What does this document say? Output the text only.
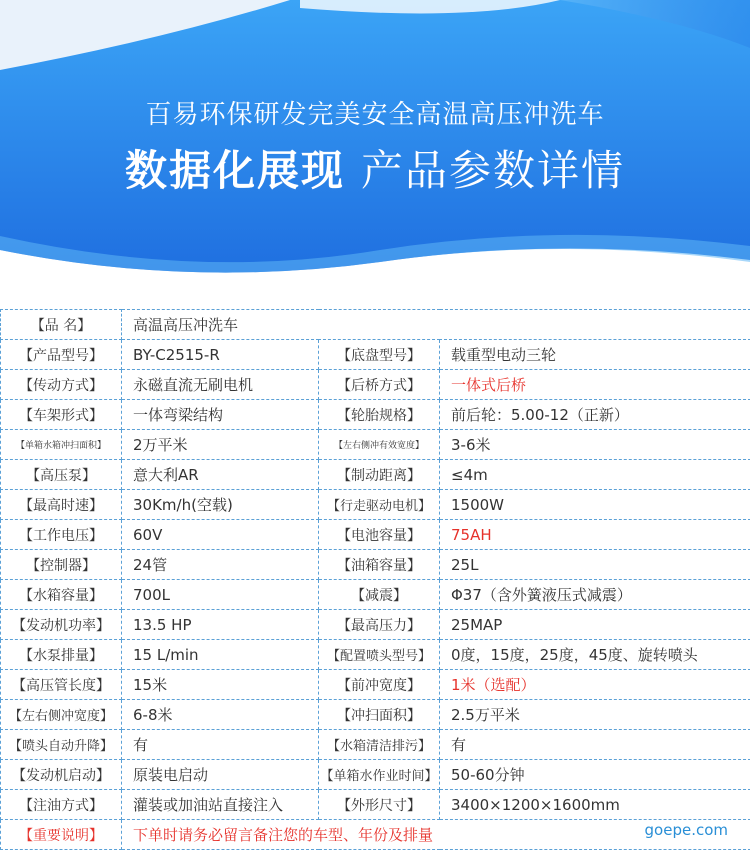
百易环保研发完美安全高温高压冲洗车
数据化展现 产品参数详情
【品 名】	高温高压冲洗车		
【产品型号】	BY-C2515-R	【底盘型号】	载重型电动三轮
【传动方式】	永磁直流无刷电机	【后桥方式】	一体式后桥
【车架形式】	一体弯梁结构	【轮胎规格】	前后轮：5.00-12（正新）
【单箱水箱冲扫面积】	2万平米	【左右侧冲有效宽度】	3-6米
【高压泵】	意大利AR	【制动距离】	≤4m
【最高时速】	30Km/h(空载)	【行走驱动电机】	1500W
【工作电压】	60V	【电池容量】	75AH
【控制器】	24管	【油箱容量】	25L
【水箱容量】	700L	【减震】	Φ37（含外簧液压式减震）
【发动机功率】	13.5 HP	【最高压力】	25MAP
【水泵排量】	15 L/min	【配置喷头型号】	0度，15度，25度，45度、旋转喷头
【高压管长度】	15米	【前冲宽度】	1米（选配）
【左右侧冲宽度】	6-8米	【冲扫面积】	2.5万平米
【喷头自动升降】	有	【水箱清洁排污】	有
【发动机启动】	原装电启动	【单箱水作业时间】	50-60分钟
【注油方式】	灌装或加油站直接注入	【外形尺寸】	3400×1200×1600mm
【重要说明】	下单时请务必留言备注您的车型、年份及排量			goepe.com
